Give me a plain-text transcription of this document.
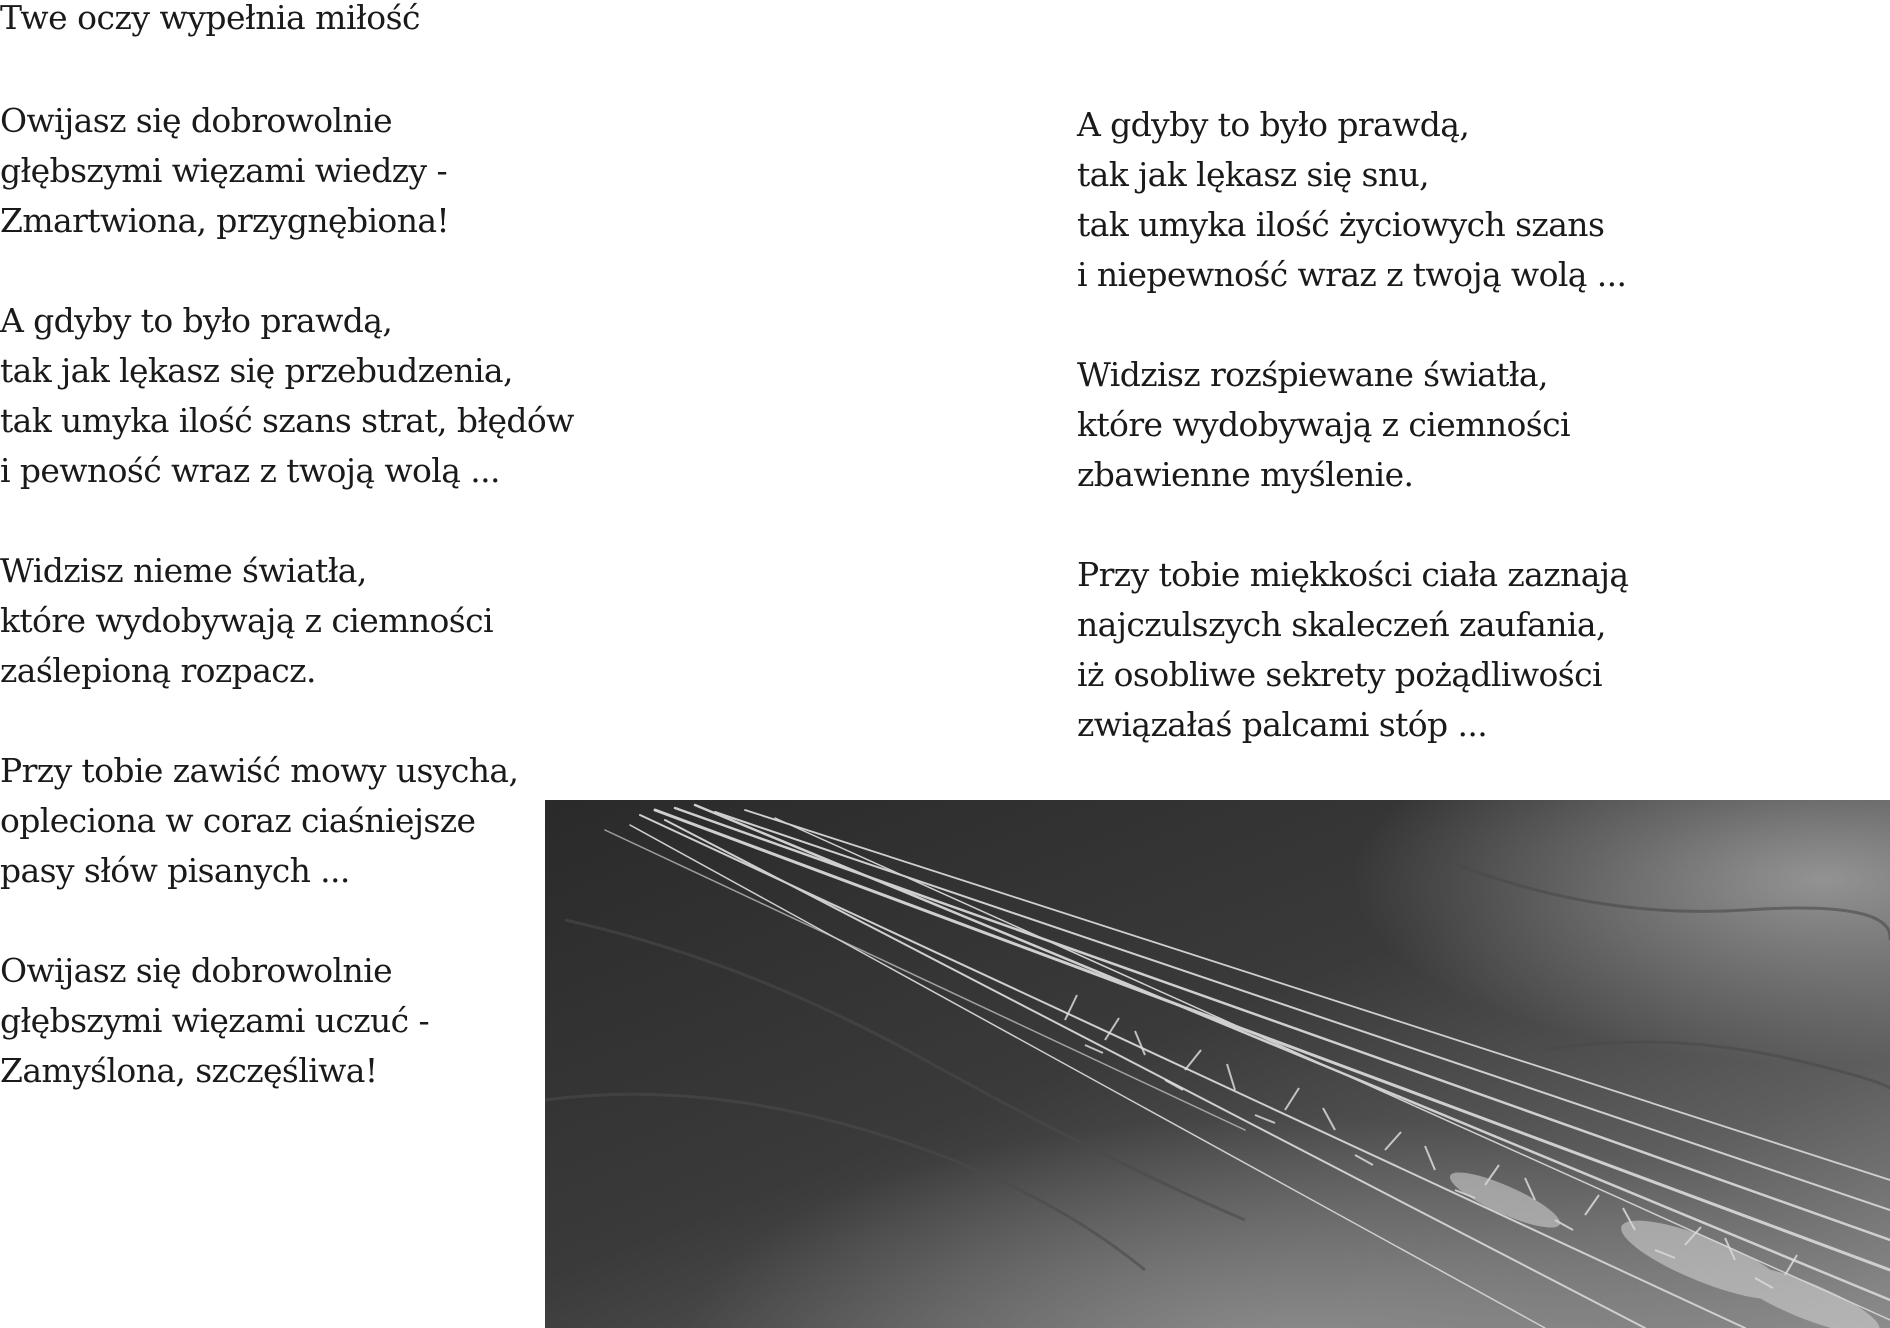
Twe oczy wypełnia miłość

Owijasz się dobrowolnie
głębszymi więzami wiedzy -
Zmartwiona, przygnębiona!

A gdyby to było prawdą,
tak jak lękasz się przebudzenia,
tak umyka ilość szans strat, błędów
i pewność wraz z twoją wolą ...

Widzisz nieme światła,
które wydobywają z ciemności
zaślepioną rozpacz.

Przy tobie zawiść mowy usycha,
opleciona w coraz ciaśniejsze
pasy słów pisanych ...

Owijasz się dobrowolnie
głębszymi więzami uczuć -
Zamyślona, szczęśliwa!

A gdyby to było prawdą,
tak jak lękasz się snu,
tak umyka ilość życiowych szans
i niepewność wraz z twoją wolą ...

Widzisz rozśpiewane światła,
które wydobywają z ciemności
zbawienne myślenie.

Przy tobie miękkości ciała zaznają
najczulszych skaleczeń zaufania,
iż osobliwe sekrety pożądliwości
związałaś palcami stóp ...
